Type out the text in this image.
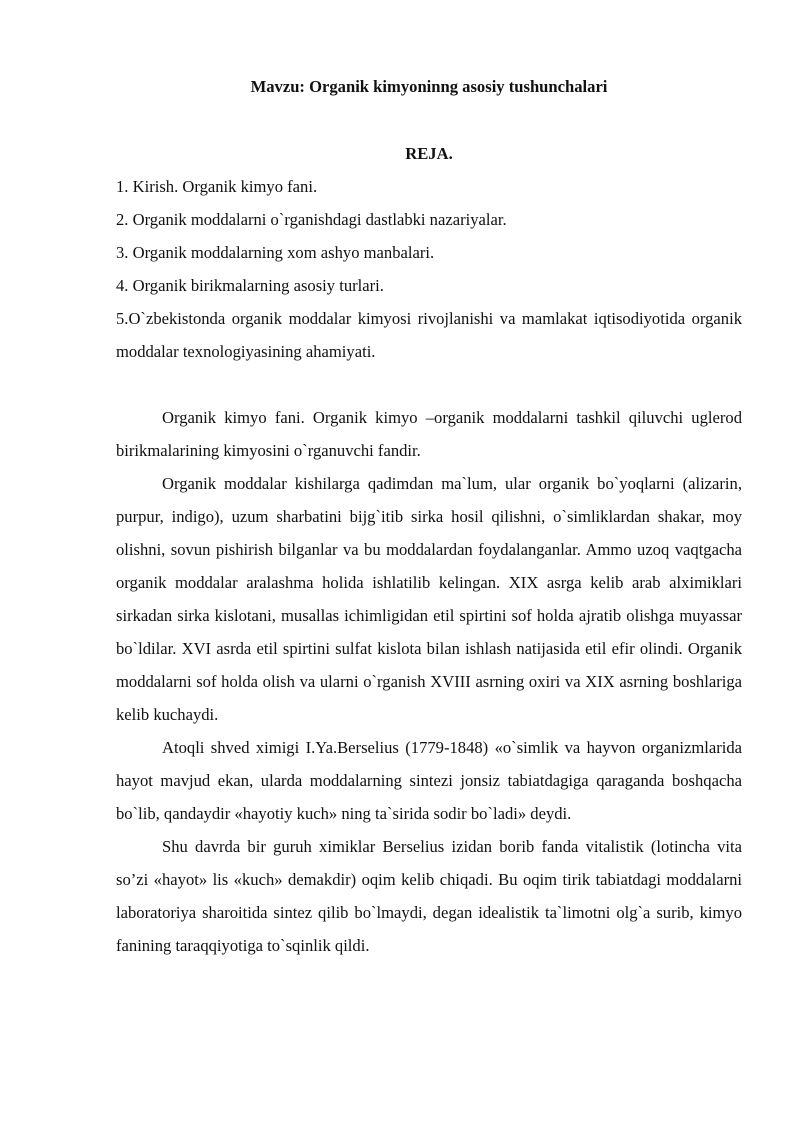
Mavzu: Organik kimyoninng asosiy tushunchalari

REJA.

1. Kirish. Organik kimyo fani.
2. Organik moddalarni o`rganishdagi dastlabki nazariyalar.
3. Organik moddalarning xom ashyo manbalari.
4. Organik birikmalarning asosiy turlari.
5.O`zbekistonda organik moddalar kimyosi rivojlanishi va mamlakat iqtisodiyotida organik moddalar texnologiyasining ahamiyati.

Organik kimyo fani. Organik kimyo –organik moddalarni tashkil qiluvchi uglerod birikmalarining kimyosini o`rganuvchi fandir.

Organik moddalar kishilarga qadimdan ma`lum, ular organik bo`yoqlarni (alizarin, purpur, indigo), uzum sharbatini bijg`itib sirka hosil qilishni, o`simliklardan shakar, moy olishni, sovun pishirish bilganlar va bu moddalardan foydalanganlar. Ammo uzoq vaqtgacha organik moddalar aralashma holida ishlatilib kelingan. XIX asrga kelib arab alximiklari sirkadan sirka kislotani, musallas ichimligidan etil spirtini sof holda ajratib olishga muyassar bo`ldilar. XVI asrda etil spirtini sulfat kislota bilan ishlash natijasida etil efir olindi. Organik moddalarni sof holda olish va ularni o`rganish XVIII asrning oxiri va XIX asrning boshlariga kelib kuchaydi.

Atoqli shved ximigi I.Ya.Berselius (1779-1848) «o`simlik va hayvon organizmlarida hayot mavjud ekan, ularda moddalarning sintezi jonsiz tabiatdagiga qaraganda boshqacha bo`lib, qandaydir «hayotiy kuch» ning ta`sirida sodir bo`ladi» deydi.

Shu davrda bir guruh ximiklar Berselius izidan borib fanda vitalistik (lotincha vita so’zi «hayot» lis «kuch» demakdir) oqim kelib chiqadi. Bu oqim tirik tabiatdagi moddalarni laboratoriya sharoitida sintez qilib bo`lmaydi, degan idealistik ta`limotni olg`a surib, kimyo fanining taraqqiyotiga to`sqinlik qildi.
